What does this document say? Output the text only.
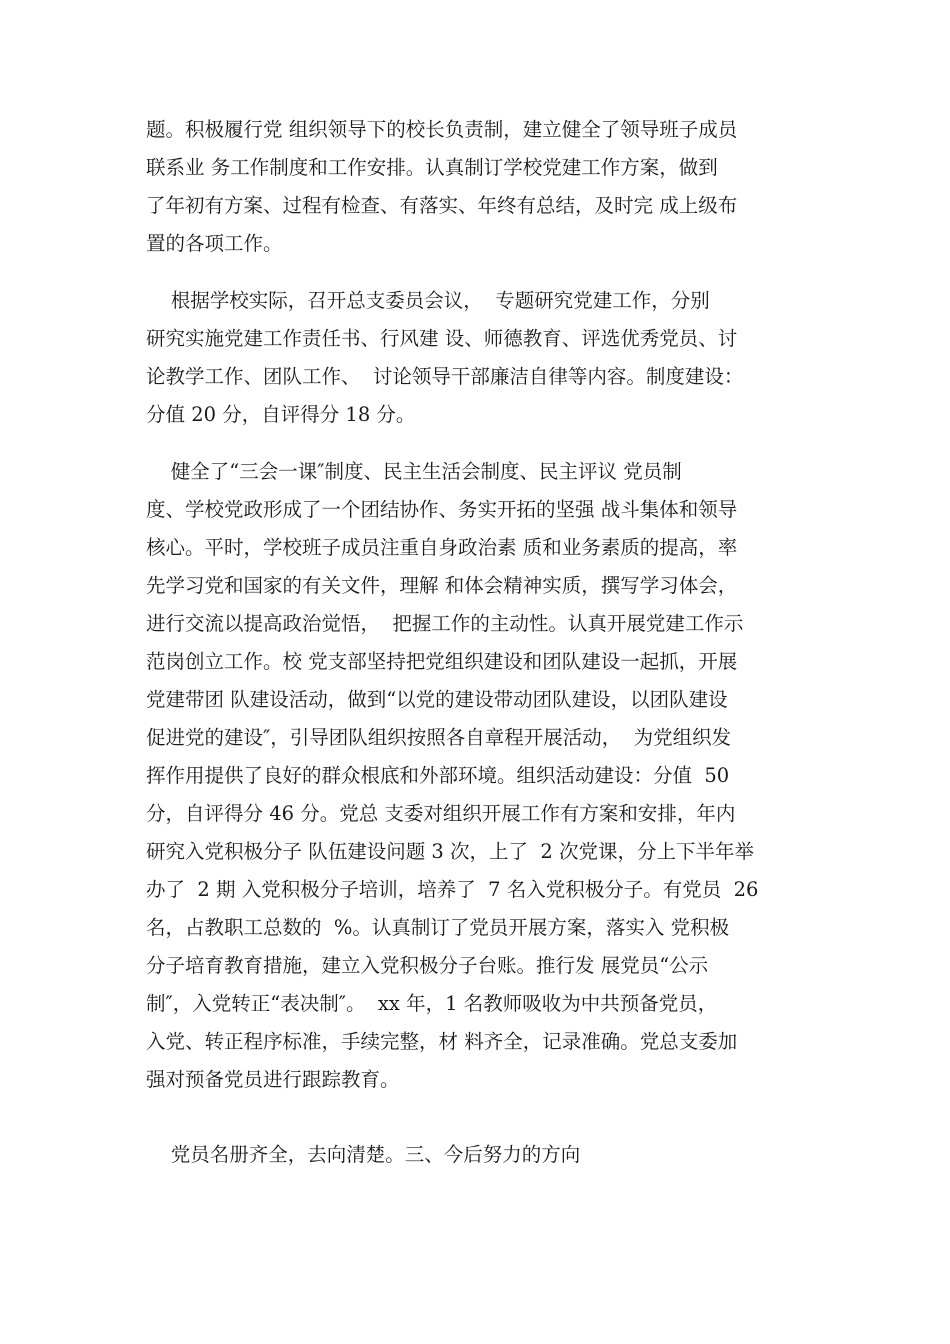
题。积极履行党 组织领导下的校长负责制，建立健全了领导班子成员
联系业 务工作制度和工作安排。认真制订学校党建工作方案，做到
了年初有方案、过程有检查、有落实、年终有总结，及时完 成上级布
置的各项工作。
根据学校实际，召开总支委员会议，  专题研究党建工作，分别
研究实施党建工作责任书、行风建 设、师德教育、评选优秀党员、讨
论教学工作、团队工作、  讨论领导干部廉洁自律等内容。制度建设：
分值 20 分，自评得分 18 分。
健全了“三会一课″制度、民主生活会制度、民主评议 党员制
度、学校党政形成了一个团结协作、务实开拓的坚强 战斗集体和领导
核心。平时，学校班子成员注重自身政治素 质和业务素质的提高，率
先学习党和国家的有关文件，理解 和体会精神实质，撰写学习体会，
进行交流以提高政治觉悟，  把握工作的主动性。认真开展党建工作示
范岗创立工作。校 党支部坚持把党组织建设和团队建设一起抓，开展
党建带团 队建设活动，做到“以党的建设带动团队建设，以团队建设
促进党的建设″，引导团队组织按照各自章程开展活动，  为党组织发
挥作用提供了良好的群众根底和外部环境。组织活动建设：分值  50
分，自评得分 46 分。党总 支委对组织开展工作有方案和安排，年内
研究入党积极分子 队伍建设问题 3 次，上了  2 次党课，分上下半年举
办了  2 期 入党积极分子培训，培养了  7 名入党积极分子。有党员  26
名，占教职工总数的  %。认真制订了党员开展方案，落实入 党积极
分子培育教育措施，建立入党积极分子台账。推行发 展党员“公示
制″，入党转正“表决制″。  xx 年，1 名教师吸收为中共预备党员，
入党、转正程序标准，手续完整，材 料齐全，记录准确。党总支委加
强对预备党员进行跟踪教育。
党员名册齐全，去向清楚。三、今后努力的方向
